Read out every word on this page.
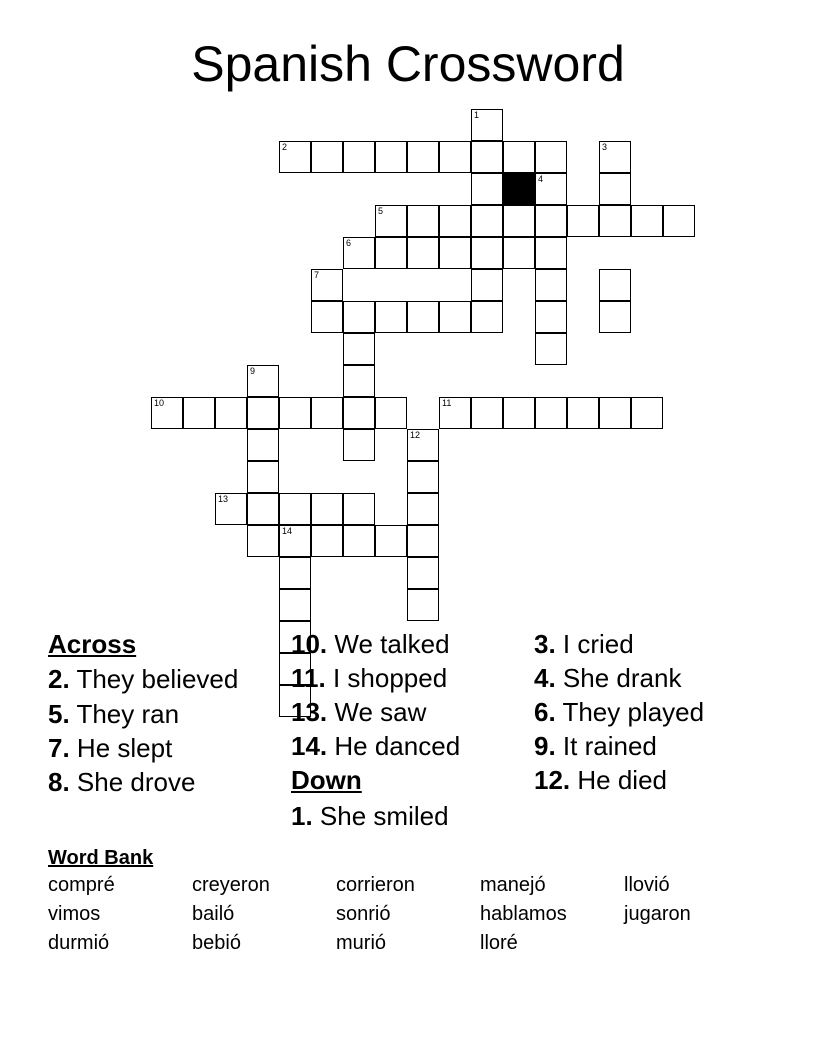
Spanish Crossword
10
9
13
14
11
12
7
6
5
2
1
3
4
Across
2. They believed
5. They ran
7. He slept
8. She drove
10. We talked
11. I shopped
13. We saw
14. He danced
Down
1. She smiled
3. I cried
4. She drank
6. They played
9. It rained
12. He died
Word Bank
compré	creyeron	corrieron	manejó	llovió
vimos	bailó	sonrió	hablamos	jugaron
durmió	bebió	murió	lloré
